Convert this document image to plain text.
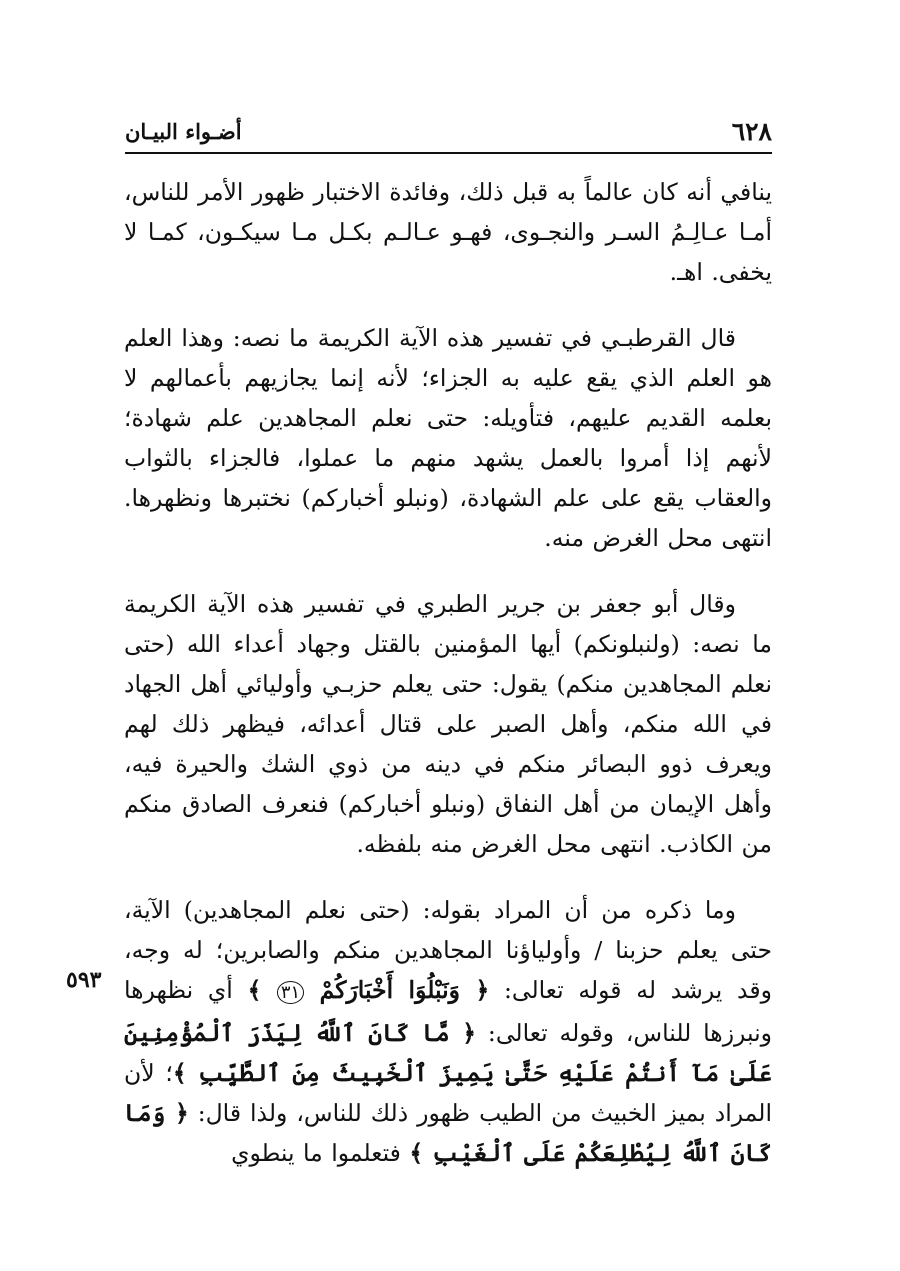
٦٢٨
أضـواء البيـان

ينافي أنه كان عالماً به قبل ذلك، وفائدة الاختبار ظهور الأمر للناس، أمـا عـالِـمُ السـر والنجـوى، فهـو عـالـم بكـل مـا سيكـون، كمـا لا يخفى. اهـ.

قال القرطبـي في تفسير هذه الآية الكريمة ما نصه: وهذا العلم هو العلم الذي يقع عليه به الجزاء؛ لأنه إنما يجازيهم بأعمالهم لا بعلمه القديم عليهم، فتأويله: حتى نعلم المجاهدين علم شهادة؛ لأنهم إذا أمروا بالعمل يشهد منهم ما عملوا، فالجزاء بالثواب والعقاب يقع على علم الشهادة، (ونبلو أخباركم) نختبرها ونظهرها. انتهى محل الغرض منه.

وقال أبو جعفر بن جرير الطبري في تفسير هذه الآية الكريمة ما نصه: (ولنبلونكم) أيها المؤمنين بالقتل وجهاد أعداء الله (حتى نعلم المجاهدين منكم) يقول: حتى يعلم حزبـي وأوليائي أهل الجهاد في الله منكم، وأهل الصبر على قتال أعدائه، فيظهر ذلك لهم ويعرف ذوو البصائر منكم في دينه من ذوي الشك والحيرة فيه، وأهل الإيمان من أهل النفاق (ونبلو أخباركم) فنعرف الصادق منكم من الكاذب. انتهى محل الغرض منه بلفظه.

وما ذكره من أن المراد بقوله: (حتى نعلم المجاهدين) الآية، حتى يعلم حزبنا / وأولياؤنا المجاهدين منكم والصابرين؛ له وجه، وقد يرشد له قوله تعالى: ﴿ وَنَبْلُوَا أَخْبَارَكُمْ ٣١ ﴾ أي نظهرها ونبرزها للناس، وقوله تعالى: ﴿ مَّا كَانَ ٱللَّهُ لِيَذَرَ ٱلْمُؤْمِنِينَ عَلَىٰ مَآ أَنتُمْ عَلَيْهِ حَتَّىٰ يَمِيزَ ٱلْخَبِيثَ مِنَ ٱلطَّيِّبِ ﴾؛ لأن المراد بميز الخبيث من الطيب ظهور ذلك للناس، ولذا قال: ﴿ وَمَا كَانَ ٱللَّهُ لِيُطْلِعَكُمْ عَلَى ٱلْغَيْبِ ﴾ فتعلموا ما ينطوي

٥٩٣
